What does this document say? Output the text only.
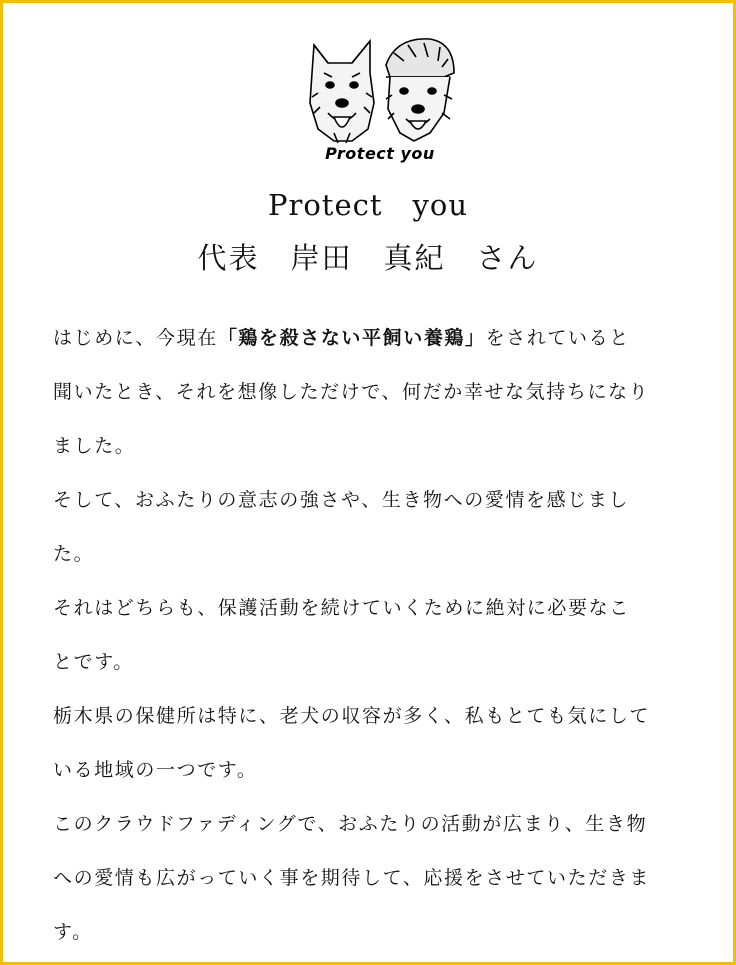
Protect you
Protect　you
代表　岸田　真紀　さん

はじめに、今現在「鶏を殺さない平飼い養鶏」をされていると

聞いたとき、それを想像しただけで、何だか幸せな気持ちになり

ました。

そして、おふたりの意志の強さや、生き物への愛情を感じまし

た。

それはどちらも、保護活動を続けていくために絶対に必要なこ

とです。

栃木県の保健所は特に、老犬の収容が多く、私もとても気にして

いる地域の一つです。

このクラウドファディングで、おふたりの活動が広まり、生き物

への愛情も広がっていく事を期待して、応援をさせていただきま

す。
